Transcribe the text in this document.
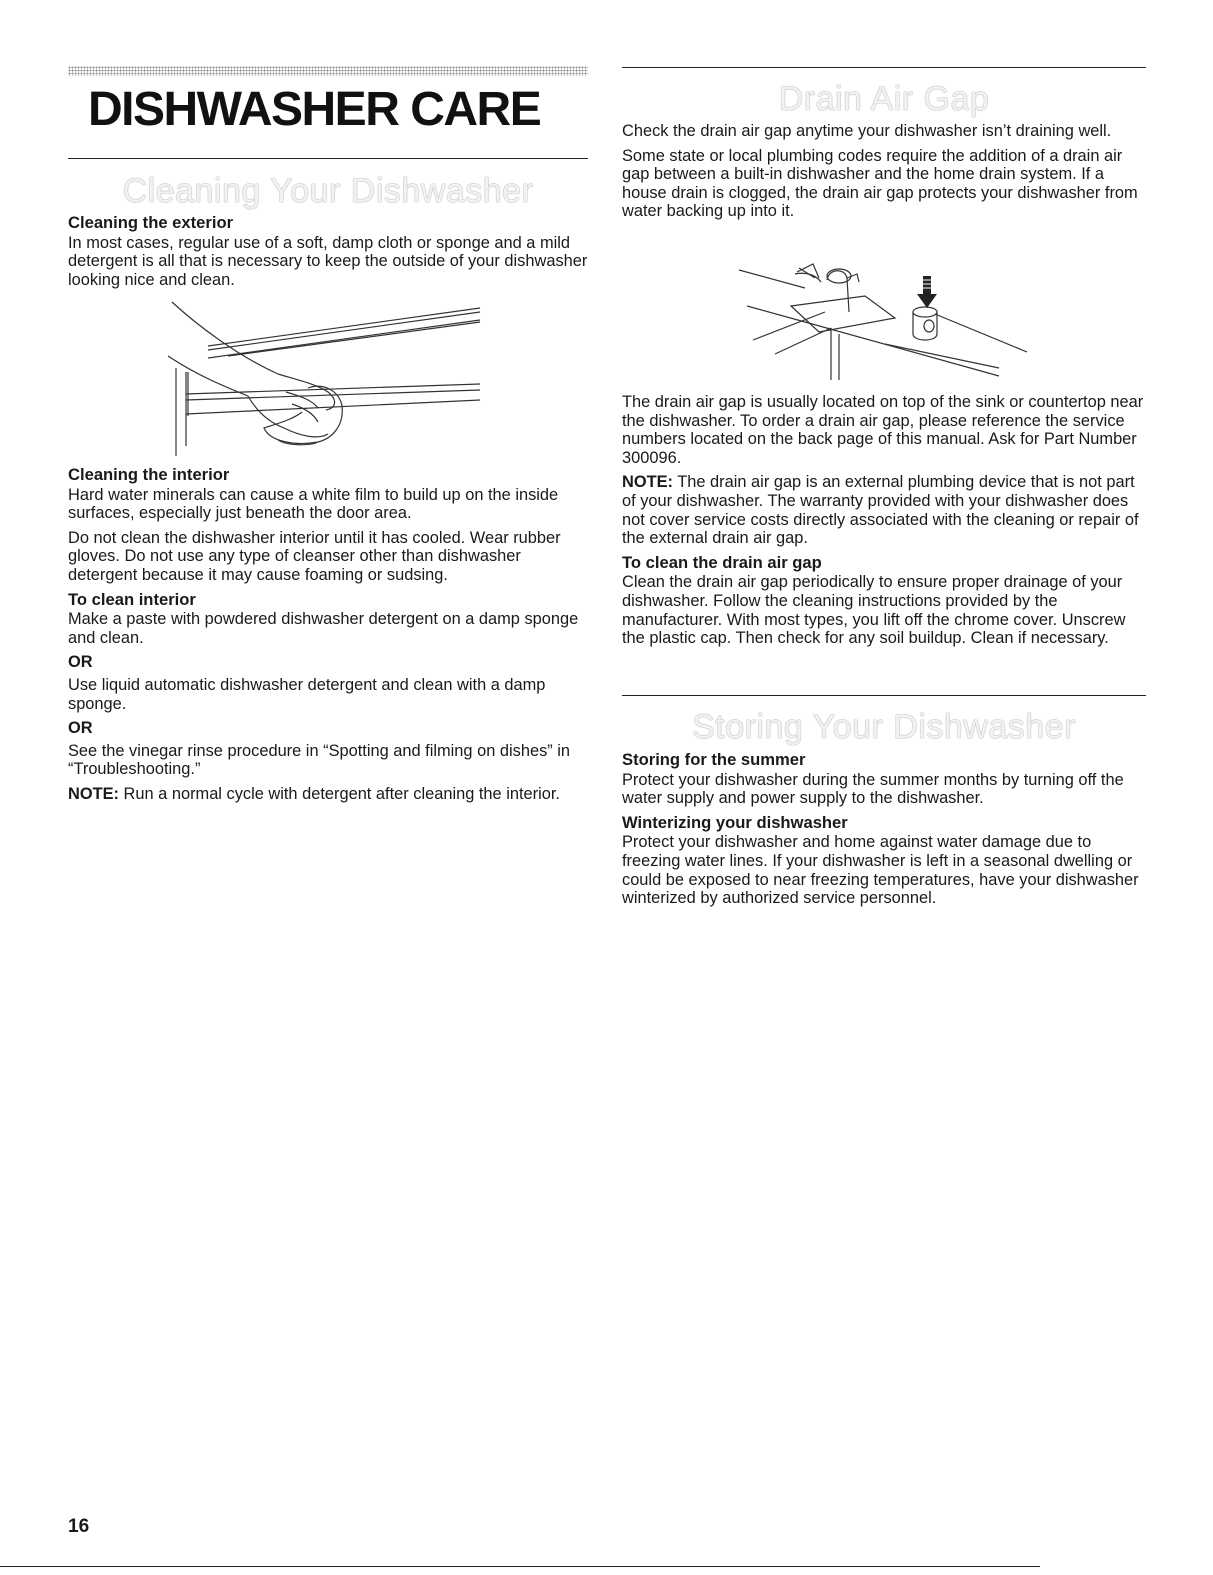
DISHWASHER CARE
Cleaning Your Dishwasher
Cleaning the exterior

In most cases, regular use of a soft, damp cloth or sponge and a mild detergent is all that is necessary to keep the outside of your dishwasher looking nice and clean.

Cleaning the interior

Hard water minerals can cause a white film to build up on the inside surfaces, especially just beneath the door area.

Do not clean the dishwasher interior until it has cooled. Wear rubber gloves. Do not use any type of cleanser other than dishwasher detergent because it may cause foaming or sudsing.

To clean interior

Make a paste with powdered dishwasher detergent on a damp sponge and clean.

OR

Use liquid automatic dishwasher detergent and clean with a damp sponge.

OR

See the vinegar rinse procedure in “Spotting and filming on dishes” in “Troubleshooting.”

NOTE: Run a normal cycle with detergent after cleaning the interior.

Drain Air Gap

Check the drain air gap anytime your dishwasher isn’t draining well.

Some state or local plumbing codes require the addition of a drain air gap between a built-in dishwasher and the home drain system. If a house drain is clogged, the drain air gap protects your dishwasher from water backing up into it.

The drain air gap is usually located on top of the sink or countertop near the dishwasher. To order a drain air gap, please reference the service numbers located on the back page of this manual. Ask for Part Number 300096.

NOTE: The drain air gap is an external plumbing device that is not part of your dishwasher. The warranty provided with your dishwasher does not cover service costs directly associated with the cleaning or repair of the external drain air gap.

To clean the drain air gap

Clean the drain air gap periodically to ensure proper drainage of your dishwasher. Follow the cleaning instructions provided by the manufacturer. With most types, you lift off the chrome cover. Unscrew the plastic cap. Then check for any soil buildup. Clean if necessary.

Storing Your Dishwasher
Storing for the summer

Protect your dishwasher during the summer months by turning off the water supply and power supply to the dishwasher.

Winterizing your dishwasher

Protect your dishwasher and home against water damage due to freezing water lines. If your dishwasher is left in a seasonal dwelling or could be exposed to near freezing temperatures, have your dishwasher winterized by authorized service personnel.

16
